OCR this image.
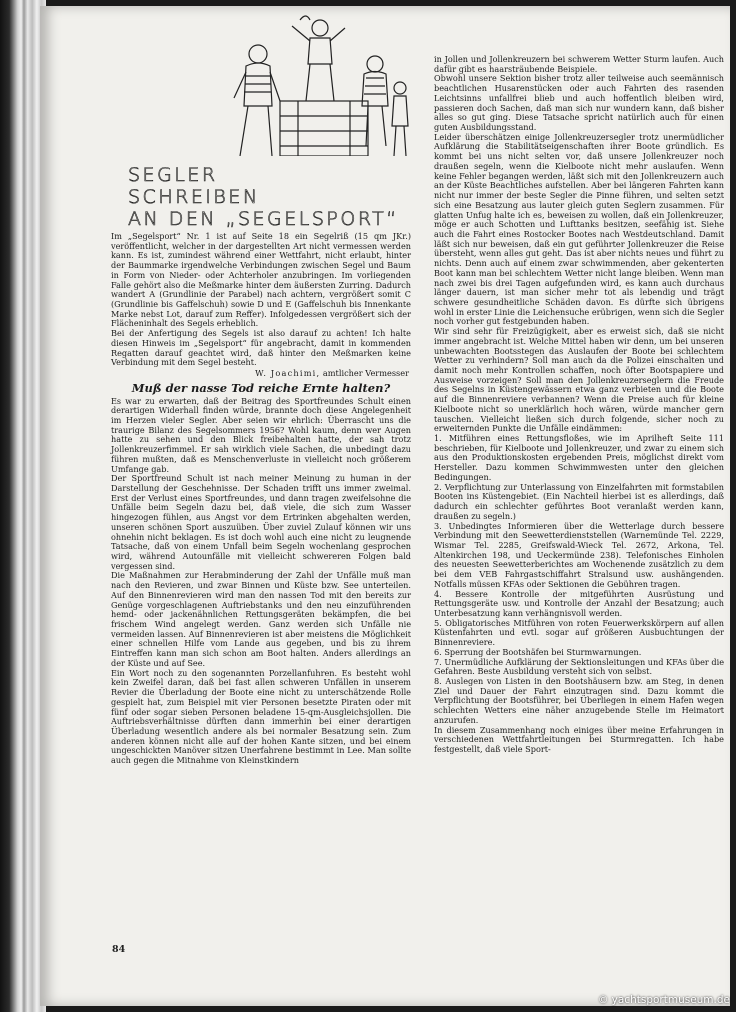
SEGLER
SCHREIBEN
AN DEN „SEGELSPORT“

Im „Segelsport“ Nr. 1 ist auf Seite 18 ein Segelriß (15 qm JKr.) veröffentlicht, welcher in der dargestellten Art nicht vermessen werden kann. Es ist, zumindest während einer Wettfahrt, nicht erlaubt, hinter der Baummarke irgendwelche Verbindungen zwischen Segel und Baum in Form von Nieder- oder Achterholer anzubringen. Im vorliegenden Falle gehört also die Meßmarke hinter dem äußersten Zurring. Dadurch wandert A (Grundlinie der Parabel) nach achtern, vergrößert somit C (Grundlinie bis Gaffelschuh) sowie D und E (Gaffelschuh bis Innenkante Marke nebst Lot, darauf zum Reffer). Infolgedessen vergrößert sich der Flächeninhalt des Segels erheblich.

Bei der Anfertigung des Segels ist also darauf zu achten! Ich halte diesen Hinweis im „Segelsport“ für angebracht, damit in kommenden Regatten darauf geachtet wird, daß hinter den Meßmarken keine Verbindung mit dem Segel besteht.

W. Joachimi, amtlicher Vermesser
Muß der nasse Tod reiche Ernte halten?

Es war zu erwarten, daß der Beitrag des Sportfreundes Schult einen derartigen Widerhall finden würde, brannte doch diese Angelegenheit im Herzen vieler Segler. Aber seien wir ehrlich: Überrascht uns die traurige Bilanz des Segelsommers 1956? Wohl kaum, denn wer Augen hatte zu sehen und den Blick freibehalten hatte, der sah trotz Jollenkreuzerfimmel. Er sah wirklich viele Sachen, die unbedingt dazu führen mußten, daß es Menschenverluste in vielleicht noch größerem Umfange gab.

Der Sportfreund Schult ist nach meiner Meinung zu human in der Darstellung der Geschehnisse. Der Schaden trifft uns immer zweimal. Erst der Verlust eines Sportfreundes, und dann tragen zweifelsohne die Unfälle beim Segeln dazu bei, daß viele, die sich zum Wasser hingezogen fühlen, aus Angst vor dem Ertrinken abgehalten werden, unseren schönen Sport auszuüben. Über zuviel Zulauf können wir uns ohnehin nicht beklagen. Es ist doch wohl auch eine nicht zu leugnende Tatsache, daß von einem Unfall beim Segeln wochenlang gesprochen wird, während Autounfälle mit vielleicht schwereren Folgen bald vergessen sind.

Die Maßnahmen zur Herabminderung der Zahl der Unfälle muß man nach den Revieren, und zwar Binnen und Küste bzw. See unterteilen. Auf den Binnenrevieren wird man den nassen Tod mit den bereits zur Genüge vorgeschlagenen Auftriebstanks und den neu einzuführenden hemd- oder jackenähnlichen Rettungsgeräten bekämpfen, die bei frischem Wind angelegt werden. Ganz werden sich Unfälle nie vermeiden lassen. Auf Binnenrevieren ist aber meistens die Möglichkeit einer schnellen Hilfe vom Lande aus gegeben, und bis zu ihrem Eintreffen kann man sich schon am Boot halten. Anders allerdings an der Küste und auf See.

Ein Wort noch zu den sogenannten Porzellanfuhren. Es besteht wohl kein Zweifel daran, daß bei fast allen schweren Unfällen in unserem Revier die Überladung der Boote eine nicht zu unterschätzende Rolle gespielt hat, zum Beispiel mit vier Personen besetzte Piraten oder mit fünf oder sogar sieben Personen beladene 15-qm-Ausgleichsjollen. Die Auftriebsverhältnisse dürften dann immerhin bei einer derartigen Überladung wesentlich andere als bei normaler Besatzung sein. Zum anderen können nicht alle auf der hohen Kante sitzen, und bei einem ungeschickten Manöver sitzen Unerfahrene bestimmt in Lee. Man sollte auch gegen die Mitnahme von Kleinstkindern

in Jollen und Jollenkreuzern bei schwerem Wetter Sturm laufen. Auch dafür gibt es haarsträubende Beispiele.

Obwohl unsere Sektion bisher trotz aller teilweise auch seemännisch beachtlichen Husarenstücken oder auch Fahrten des rasenden Leichtsinns unfallfrei blieb und auch hoffentlich bleiben wird, passieren doch Sachen, daß man sich nur wundern kann, daß bisher alles so gut ging. Diese Tatsache spricht natürlich auch für einen guten Ausbildungsstand.

Leider überschätzen einige Jollenkreuzersegler trotz unermüdlicher Aufklärung die Stabilitätseigenschaften ihrer Boote gründlich. Es kommt bei uns nicht selten vor, daß unsere Jollenkreuzer noch draußen segeln, wenn die Kielboote nicht mehr auslaufen. Wenn keine Fehler begangen werden, läßt sich mit den Jollenkreuzern auch an der Küste Beachtliches aufstellen. Aber bei längeren Fahrten kann nicht nur immer der beste Segler die Pinne führen, und selten setzt sich eine Besatzung aus lauter gleich guten Seglern zusammen. Für glatten Unfug halte ich es, beweisen zu wollen, daß ein Jollenkreuzer, möge er auch Schotten und Lufttanks besitzen, seefähig ist. Siehe auch die Fahrt eines Rostocker Bootes nach Westdeutschland. Damit läßt sich nur beweisen, daß ein gut geführter Jollenkreuzer die Reise übersteht, wenn alles gut geht. Das ist aber nichts neues und führt zu nichts. Denn auch auf einem zwar schwimmenden, aber gekenterten Boot kann man bei schlechtem Wetter nicht lange bleiben. Wenn man nach zwei bis drei Tagen aufgefunden wird, es kann auch durchaus länger dauern, ist man sicher mehr tot als lebendig und trägt schwere gesundheitliche Schäden davon. Es dürfte sich übrigens wohl in erster Linie die Leichensuche erübrigen, wenn sich die Segler noch vorher gut festgebunden haben.

Wir sind sehr für Freizügigkeit, aber es erweist sich, daß sie nicht immer angebracht ist. Welche Mittel haben wir denn, um bei unseren unbewachten Bootsstegen das Auslaufen der Boote bei schlechtem Wetter zu verhindern? Soll man auch da die Polizei einschalten und damit noch mehr Kontrollen schaffen, noch öfter Bootspapiere und Ausweise vorzeigen? Soll man den Jollenkreuzerseglern die Freude des Segelns in Küstengewässern etwa ganz verbieten und die Boote auf die Binnenreviere verbannen? Wenn die Preise auch für kleine Kielboote nicht so unerklärlich hoch wären, würde mancher gern tauschen. Vielleicht ließen sich durch folgende, sicher noch zu erweiternden Punkte die Unfälle eindämmen:

1. Mitführen eines Rettungsfloßes, wie im Aprilheft Seite 111 beschrieben, für Kielboote und Jollenkreuzer, und zwar zu einem sich aus den Produktionskosten ergebenden Preis, möglichst direkt vom Hersteller. Dazu kommen Schwimmwesten unter den gleichen Bedingungen.

2. Verpflichtung zur Unterlassung von Einzelfahrten mit formstabilen Booten ins Küstengebiet. (Ein Nachteil hierbei ist es allerdings, daß dadurch ein schlechter geführtes Boot veranlaßt werden kann, draußen zu segeln.)

3. Unbedingtes Informieren über die Wetterlage durch bessere Verbindung mit den Seewetterdienststellen (Warnemünde Tel. 2229, Wismar Tel. 2285, Greifswald-Wieck Tel. 2672, Arkona, Tel. Altenkirchen 198, und Ueckermünde 238). Telefonisches Einholen des neuesten Seewetterberichtes am Wochenende zusätzlich zu dem bei dem VEB Fahrgastschiffahrt Stralsund usw. aushängenden. Notfalls müssen KFAs oder Sektionen die Gebühren tragen.

4. Bessere Kontrolle der mitgeführten Ausrüstung und Rettungsgeräte usw. und Kontrolle der Anzahl der Besatzung; auch Unterbesatzung kann verhängnisvoll werden.

5. Obligatorisches Mitführen von roten Feuerwerkskörpern auf allen Küstenfahrten und evtl. sogar auf größeren Ausbuchtungen der Binnenreviere.

6. Sperrung der Bootshäfen bei Sturmwarnungen.

7. Unermüdliche Aufklärung der Sektionsleitungen und KFAs über die Gefahren. Beste Ausbildung versteht sich von selbst.

8. Auslegen von Listen in den Bootshäusern bzw. am Steg, in denen Ziel und Dauer der Fahrt einzutragen sind. Dazu kommt die Verpflichtung der Bootsführer, bei Überliegen in einem Hafen wegen schlechten Wetters eine näher anzugebende Stelle im Heimatort anzurufen.

In diesem Zusammenhang noch einiges über meine Erfahrungen in verschiedenen Wettfahrtleitungen bei Sturmregatten. Ich habe festgestellt, daß viele Sport-

84
© yachtsportmuseum.de
